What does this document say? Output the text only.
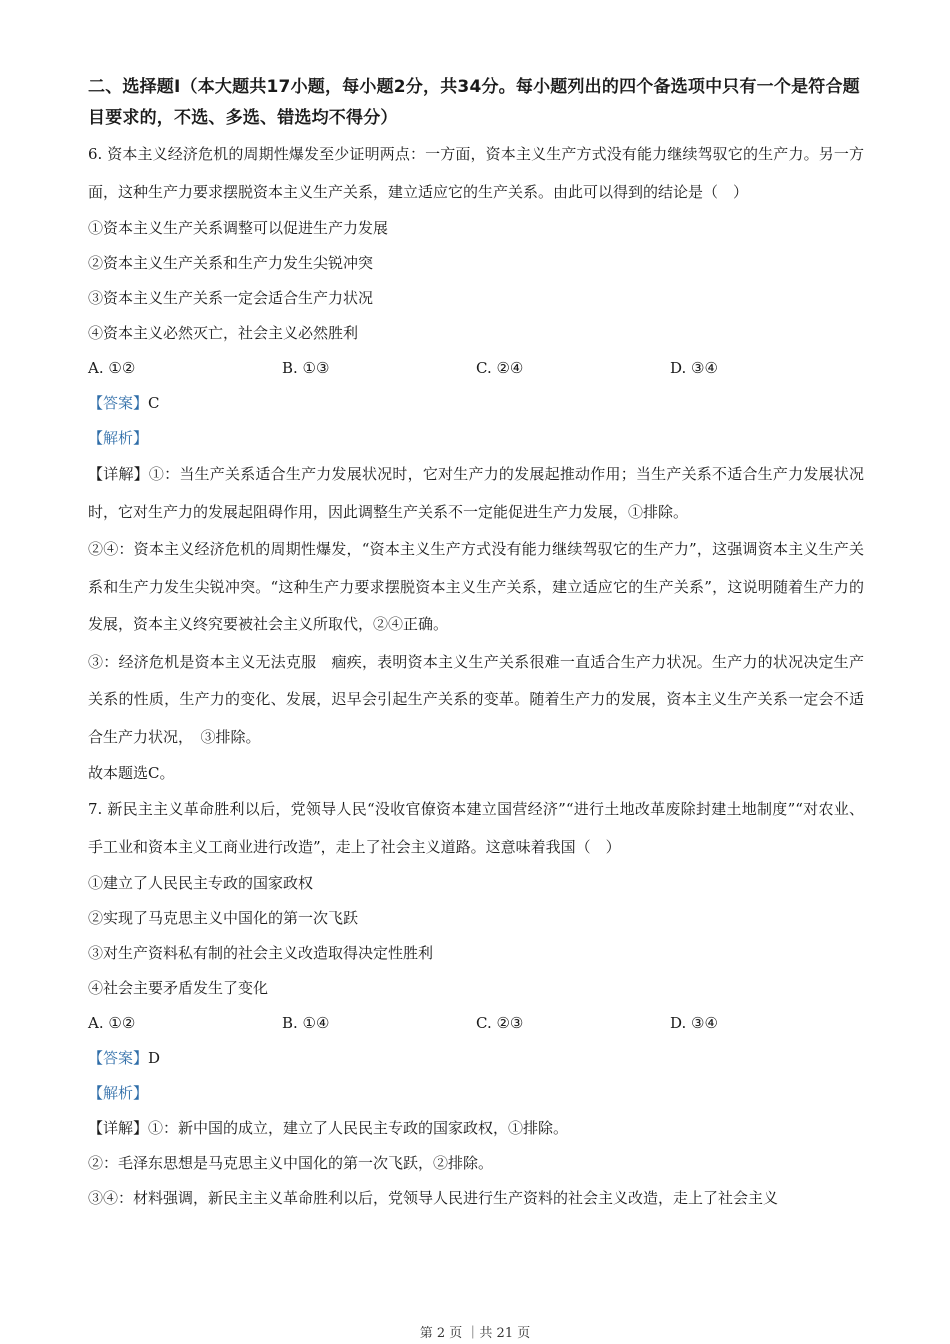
二、选择题Ⅰ（本大题共17小题，每小题2分，共34分。每小题列出的四个备选项中只有一个是符合题目要求的，不选、多选、错选均不得分）

6. 资本主义经济危机的周期性爆发至少证明两点：一方面，资本主义生产方式没有能力继续驾驭它的生产力。另一方面，这种生产力要求摆脱资本主义生产关系，建立适应它的生产关系。由此可以得到的结论是（　）

①资本主义生产关系调整可以促进生产力发展

②资本主义生产关系和生产力发生尖锐冲突

③资本主义生产关系一定会适合生产力状况

④资本主义必然灭亡，社会主义必然胜利

A. ①②	B. ①③	C. ②④	D. ③④
【答案】C
【解析】

【详解】①：当生产关系适合生产力发展状况时，它对生产力的发展起推动作用；当生产关系不适合生产力发展状况时，它对生产力的发展起阻碍作用，因此调整生产关系不一定能促进生产力发展，①排除。

②④：资本主义经济危机的周期性爆发，“资本主义生产方式没有能力继续驾驭它的生产力”，这强调资本主义生产关系和生产力发生尖锐冲突。“这种生产力要求摆脱资本主义生产关系，建立适应它的生产关系”，这说明随着生产力的发展，资本主义终究要被社会主义所取代，②④正确。

③：经济危机是资本主义无法克服　痼疾，表明资本主义生产关系很难一直适合生产力状况。生产力的状况决定生产关系的性质，生产力的变化、发展，迟早会引起生产关系的变革。随着生产力的发展，资本主义生产关系一定会不适合生产力状况，　③排除。

故本题选C。

7. 新民主主义革命胜利以后，党领导人民“没收官僚资本建立国营经济”“进行土地改革废除封建土地制度”“对农业、手工业和资本主义工商业进行改造”，走上了社会主义道路。这意味着我国（　）

①建立了人民民主专政的国家政权

②实现了马克思主义中国化的第一次飞跃

③对生产资料私有制的社会主义改造取得决定性胜利

④社会主要矛盾发生了变化

A. ①②	B. ①④	C. ②③	D. ③④
【答案】D
【解析】

【详解】①：新中国的成立，建立了人民民主专政的国家政权，①排除。

②：毛泽东思想是马克思主义中国化的第一次飞跃，②排除。

③④：材料强调，新民主主义革命胜利以后，党领导人民进行生产资料的社会主义改造，走上了社会主义

第 2 页 ｜共 21 页
